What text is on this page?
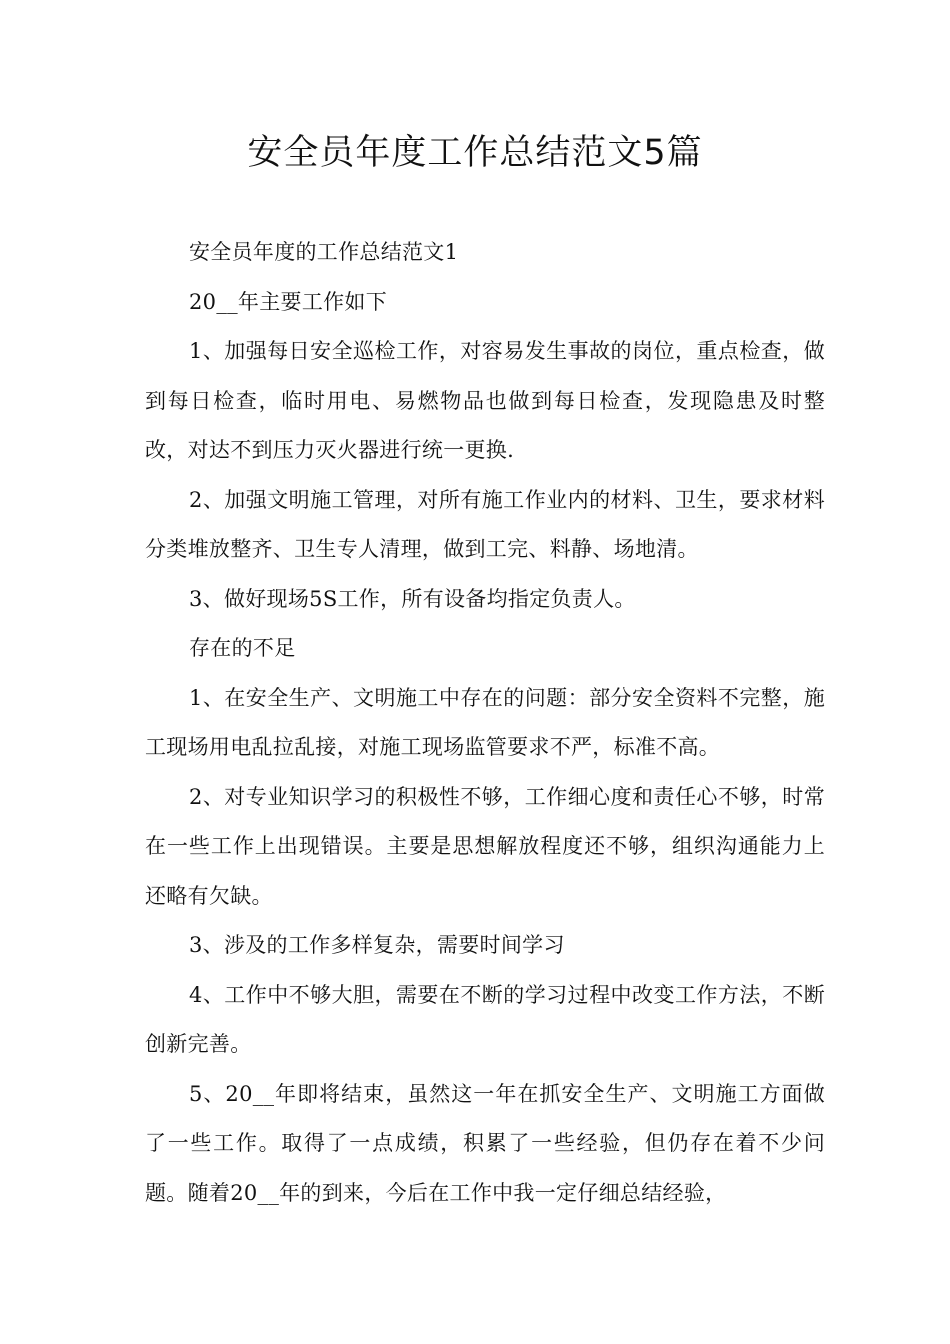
安全员年度工作总结范文5篇

安全员年度的工作总结范文1

20__年主要工作如下

1、加强每日安全巡检工作，对容易发生事故的岗位，重点检查，做到每日检查，临时用电、易燃物品也做到每日检查，发现隐患及时整改，对达不到压力灭火器进行统一更换.

2、加强文明施工管理，对所有施工作业内的材料、卫生，要求材料分类堆放整齐、卫生专人清理，做到工完、料静、场地清。

3、做好现场5S工作，所有设备均指定负责人。

存在的不足

1、在安全生产、文明施工中存在的问题：部分安全资料不完整，施工现场用电乱拉乱接，对施工现场监管要求不严，标准不高。

2、对专业知识学习的积极性不够，工作细心度和责任心不够，时常在一些工作上出现错误。主要是思想解放程度还不够，组织沟通能力上还略有欠缺。

3、涉及的工作多样复杂，需要时间学习

4、工作中不够大胆，需要在不断的学习过程中改变工作方法，不断创新完善。

5、20__年即将结束，虽然这一年在抓安全生产、文明施工方面做了一些工作。取得了一点成绩，积累了一些经验，但仍存在着不少问题。随着20__年的到来，今后在工作中我一定仔细总结经验，
